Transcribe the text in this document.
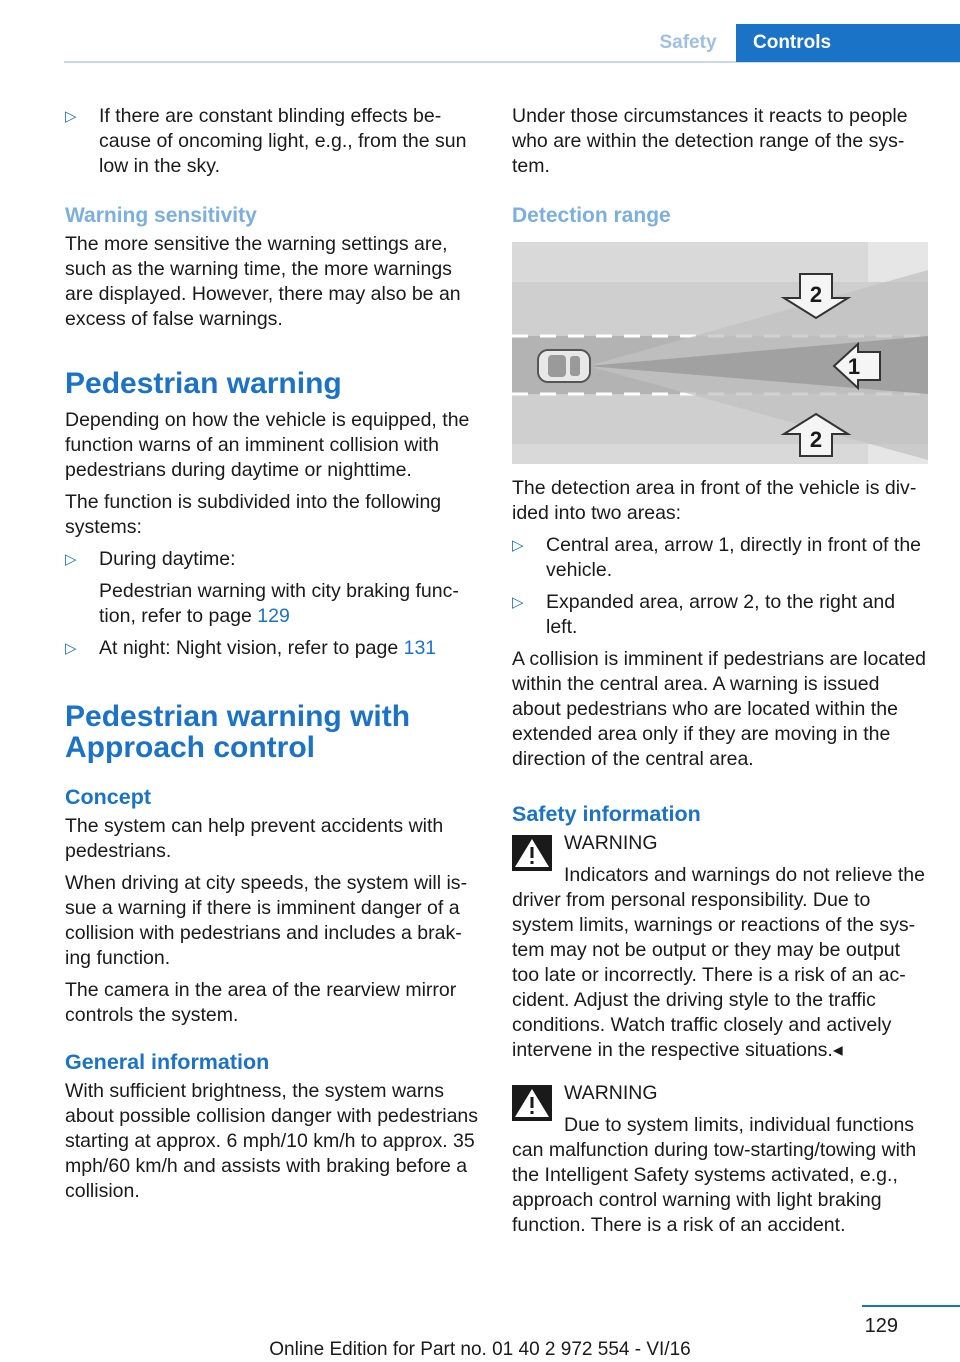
Safety	Controls
▷ If there are constant blinding effects because of oncoming light, e.g., from the sun low in the sky.
Warning sensitivity

The more sensitive the warning settings are, such as the warning time, the more warnings are displayed. However, there may also be an excess of false warnings.

Pedestrian warning

Depending on how the vehicle is equipped, the function warns of an imminent collision with pedestrians during daytime or nighttime.

The function is subdivided into the following systems:

▷ During daytime:
Pedestrian warning with city braking function, refer to page 129
▷ At night: Night vision, refer to page 131
Pedestrian warning with Approach control
Concept

The system can help prevent accidents with pedestrians.

When driving at city speeds, the system will issue a warning if there is imminent danger of a collision with pedestrians and includes a braking function.

The camera in the area of the rearview mirror controls the system.

General information

With sufficient brightness, the system warns about possible collision danger with pedestrians starting at approx. 6 mph/10 km/h to approx. 35 mph/60 km/h and assists with braking before a collision.

Under those circumstances it reacts to people who are within the detection range of the system.

Detection range
2
1
2

The detection area in front of the vehicle is divided into two areas:

▷ Central area, arrow 1, directly in front of the vehicle.
▷ Expanded area, arrow 2, to the right and left.

A collision is imminent if pedestrians are located within the central area. A warning is issued about pedestrians who are located within the extended area only if they are moving in the direction of the central area.

Safety information
WARNING

Indicators and warnings do not relieve the driver from personal responsibility. Due to system limits, warnings or reactions of the system may not be output or they may be output too late or incorrectly. There is a risk of an accident. Adjust the driving style to the traffic conditions. Watch traffic closely and actively intervene in the respective situations.◂

WARNING

Due to system limits, individual functions can malfunction during tow-starting/towing with the Intelligent Safety systems activated, e.g., approach control warning with light braking function. There is a risk of an accident.

129
Online Edition for Part no. 01 40 2 972 554 - VI/16
